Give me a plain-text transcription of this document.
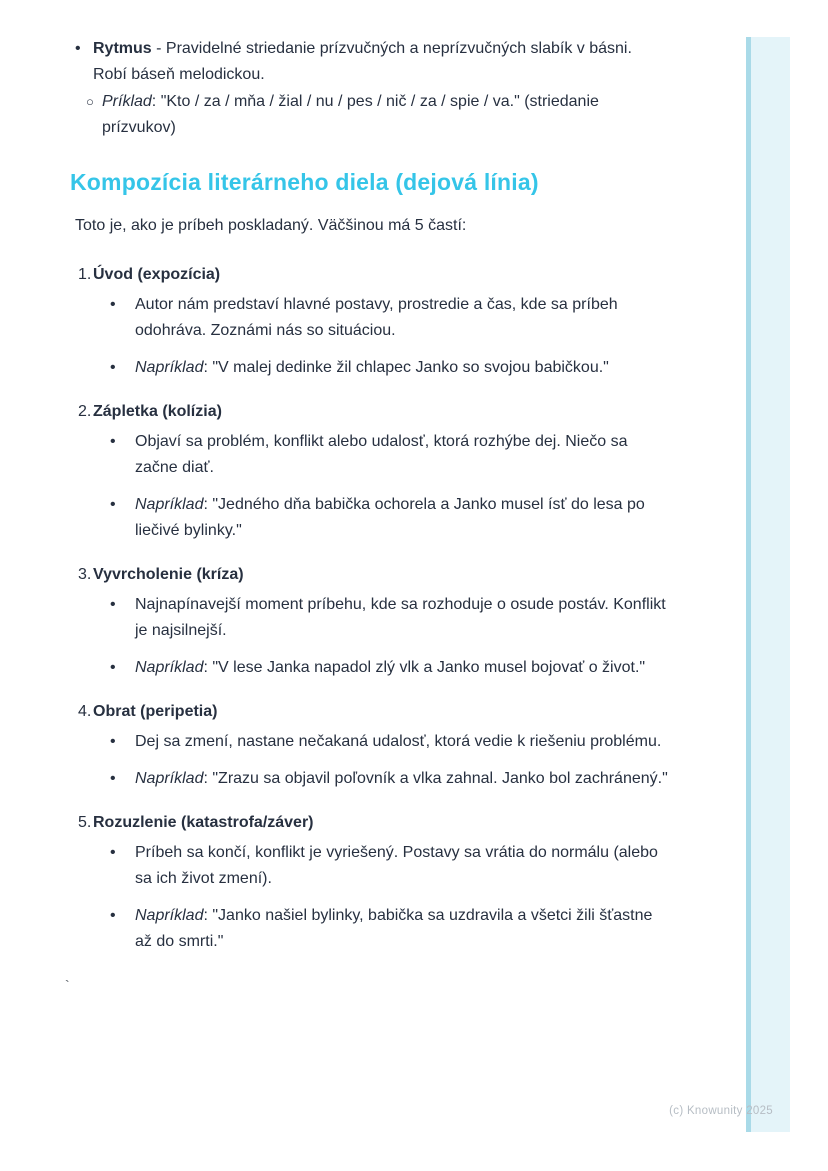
• Rytmus - Pravidelné striedanie prízvučných a neprízvučných slabík v básni. Robí báseň melodickou.
○ Príklad: "Kto / za / mňa / žial / nu / pes / nič / za / spie / va." (striedanie prízvukov)
Kompozícia literárneho diela (dejová línia)

Toto je, ako je príbeh poskladaný. Väčšinou má 5 častí:

1. Úvod (expozícia)
•	Autor nám predstaví hlavné postavy, prostredie a čas, kde sa príbeh odohráva. Zoznámi nás so situáciou.
•	Napríklad: "V malej dedinke žil chlapec Janko so svojou babičkou."
2. Zápletka (kolízia)
•	Objaví sa problém, konflikt alebo udalosť, ktorá rozhýbe dej. Niečo sa začne diať.
•	Napríklad: "Jedného dňa babička ochorela a Janko musel ísť do lesa po liečivé bylinky."
3. Vyvrcholenie (kríza)
•	Najnapínavejší moment príbehu, kde sa rozhoduje o osude postáv. Konflikt je najsilnejší.
•	Napríklad: "V lese Janka napadol zlý vlk a Janko musel bojovať o život."
4. Obrat (peripetia)
•	Dej sa zmení, nastane nečakaná udalosť, ktorá vedie k riešeniu problému.
•	Napríklad: "Zrazu sa objavil poľovník a vlka zahnal. Janko bol zachránený."
5. Rozuzlenie (katastrofa/záver)
•	Príbeh sa končí, konflikt je vyriešený. Postavy sa vrátia do normálu (alebo sa ich život zmení).
•	Napríklad: "Janko našiel bylinky, babička sa uzdravila a všetci žili šťastne až do smrti."
`
(c) Knowunity 2025
